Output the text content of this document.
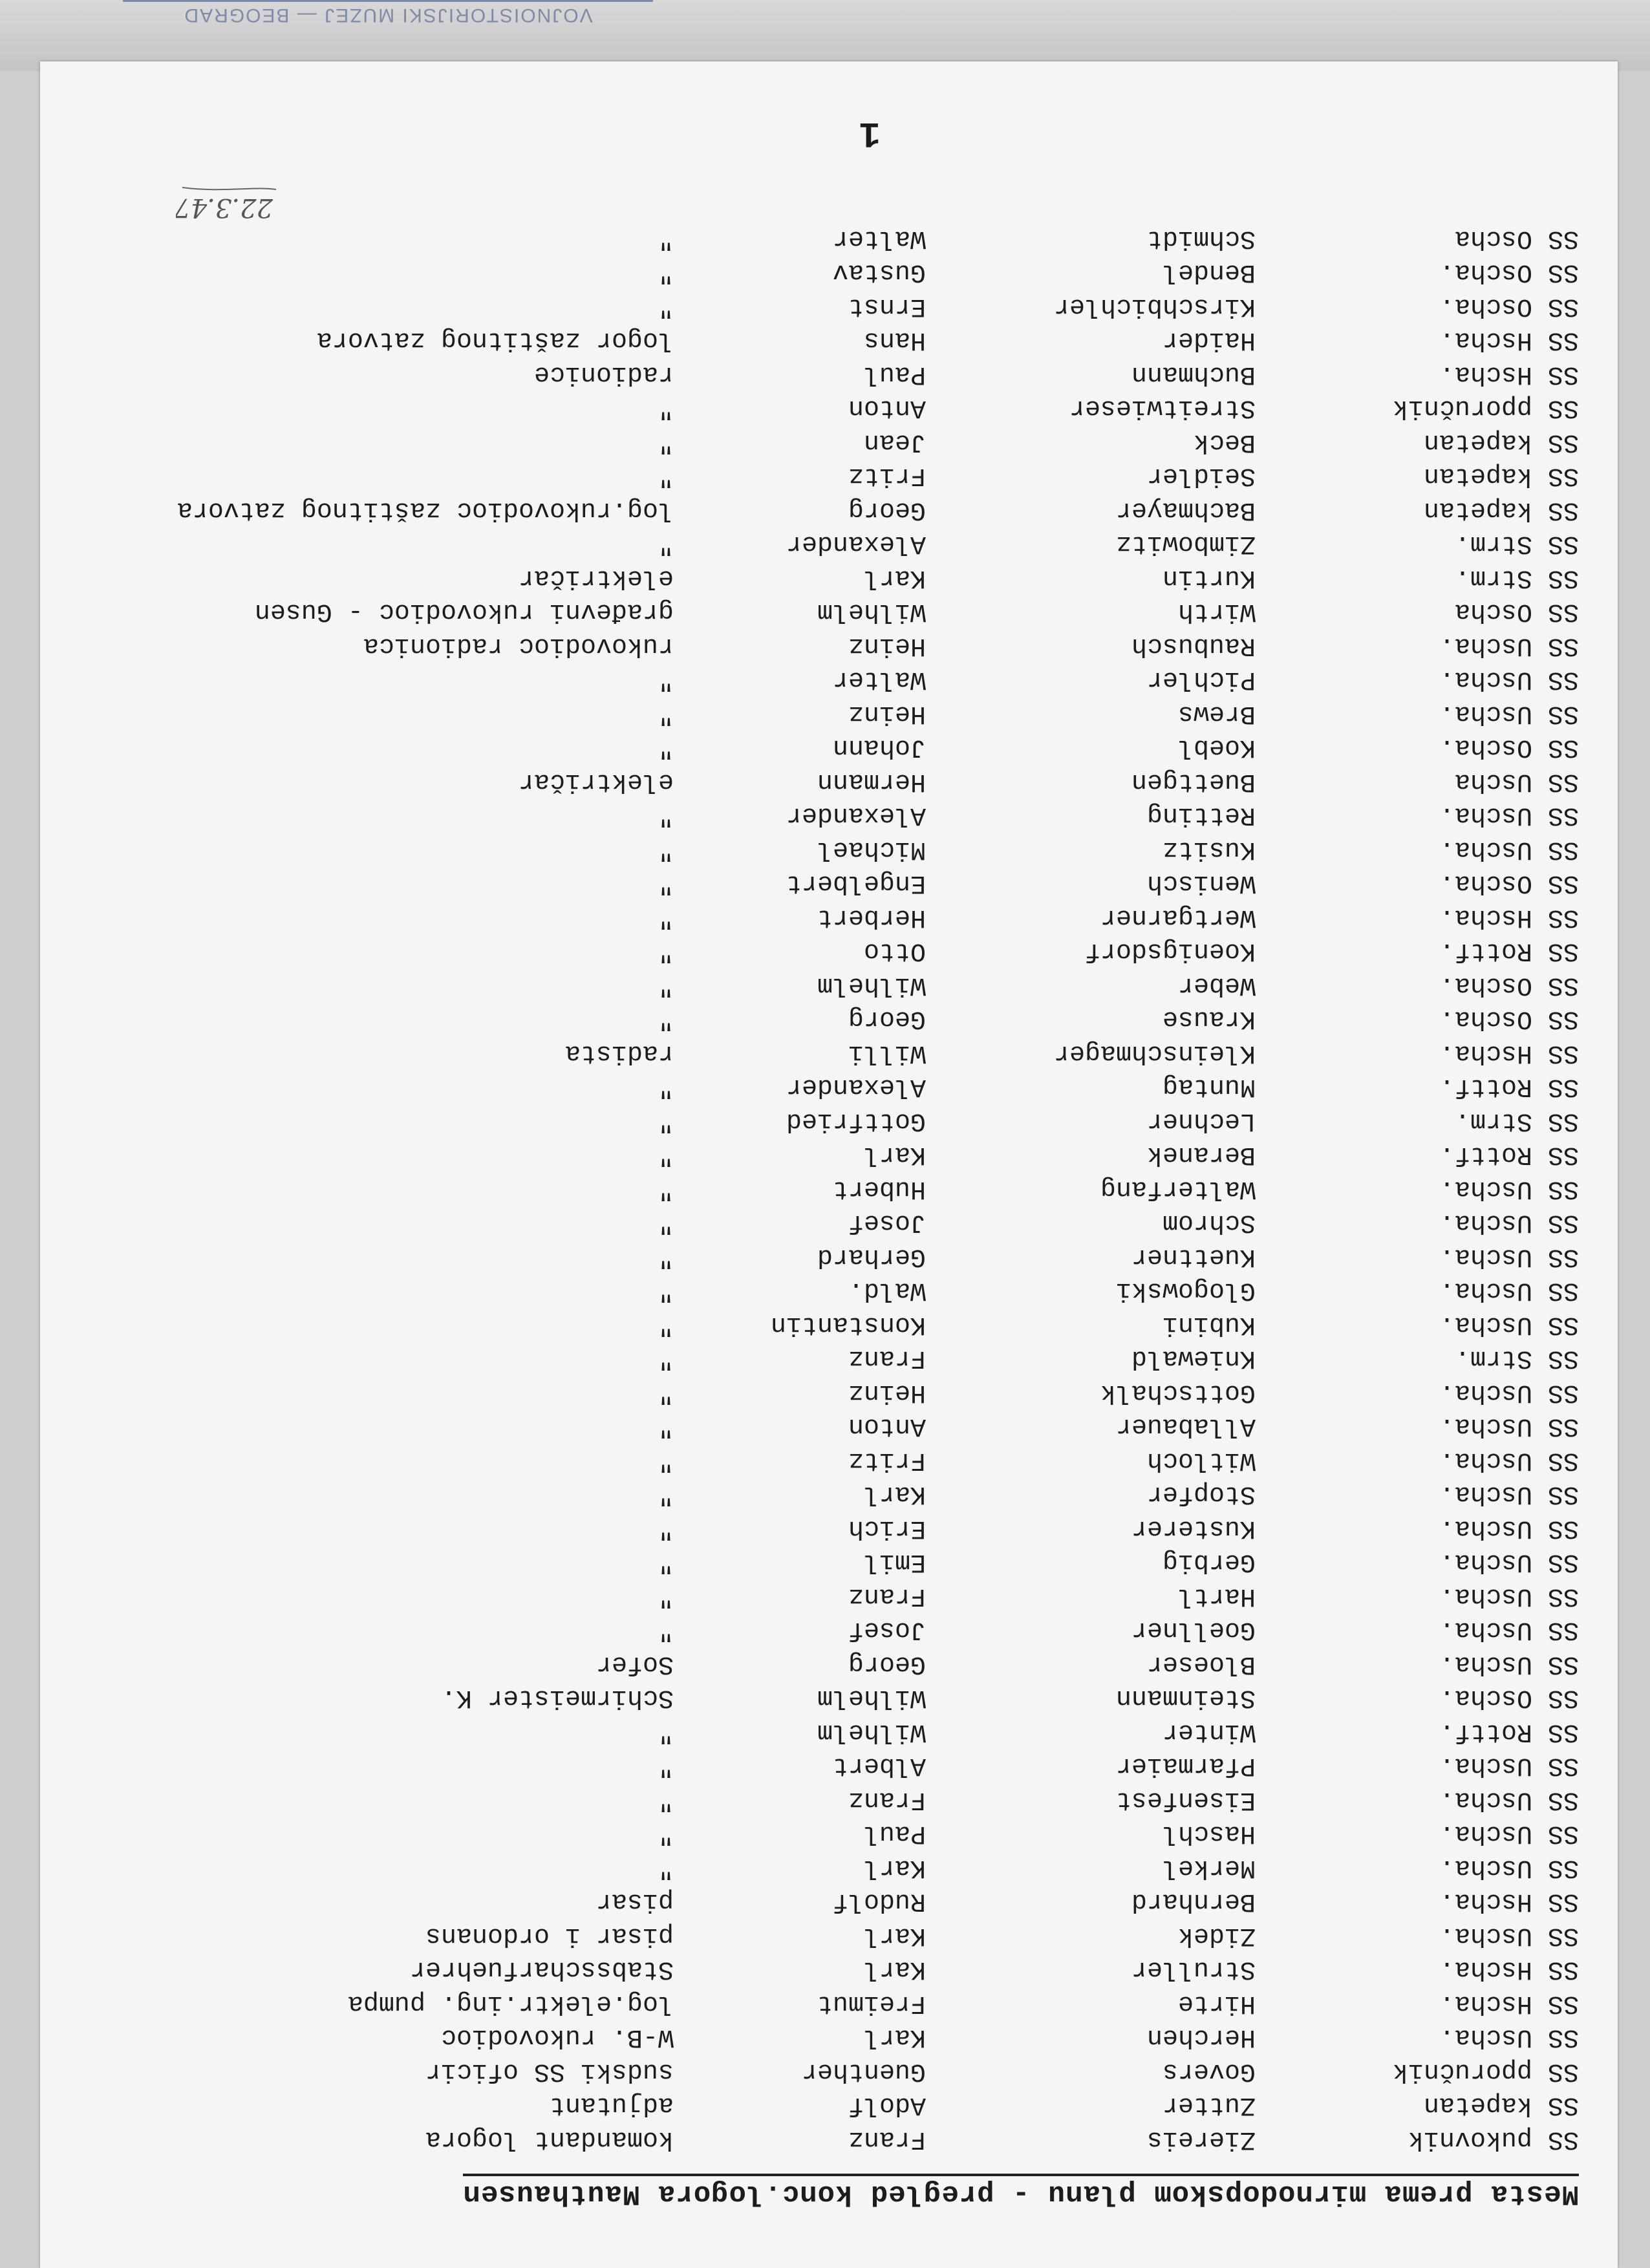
VOJNOISTORIJSKI MUZEJ — BEOGRAD
Mesta prema mirnodopskom planu - pregled konc.logora Mauthausen
SS pukovnik
Ziereis
Franz
komandant logora
SS kapetan
Zutter
Adolf
adjutant
SS pporučnik
Govers
Guenther
sudski SS oficir
SS Uscha.
Herchen
Karl
W-B. rukovodioc
SS Hscha.
Hirte
Freimut
log.elektr.ing. pumpa
SS Hscha.
Struller
Karl
Stabsscharfuehrer
SS Uscha.
Zidek
Karl
pisar i ordonans
SS Hscha.
Bernhard
Rudolf
pisar
SS Uscha.
Merkel
Karl
"
SS Uscha.
Haschl
Paul
"
SS Uscha.
Eisenfest
Franz
"
SS Uscha.
Pfarmaier
Albert
"
SS Rottf.
Winter
Wilhelm
"
SS Oscha.
Steinmann
Wilhelm
Schirmeister K.
SS Uscha.
Bloeser
Georg
Sofer
SS Uscha.
Goellner
Josef
"
SS Uscha.
Hartl
Franz
"
SS Uscha.
Gerbig
Emil
"
SS Uscha.
Kusterer
Erich
"
SS Uscha.
Stopfer
Karl
"
SS Uscha.
Witloch
Fritz
"
SS Uscha.
Allabauer
Anton
"
SS Uscha.
Gottschalk
Heinz
"
SS Strm.
Kniewald
Franz
"
SS Uscha.
Kubini
Konstantin
"
SS Uscha.
Glogowski
Wald.
"
SS Uscha.
Kuettner
Gerhard
"
SS Uscha.
Schrom
Josef
"
SS Uscha.
Walterfang
Hubert
"
SS Rottf.
Beranek
Karl
"
SS Strm.
Lechner
Gottfried
"
SS Rottf.
Muntag
Alexander
"
SS Hscha.
Kleinschmager
Willi
radista
SS Oscha.
Krause
Georg
"
SS Oscha.
Weber
Wilhelm
"
SS Rottf.
Koenigsdorf
Otto
"
SS Hscha.
Wertgarner
Herbert
"
SS Oscha.
Wenisch
Engelbert
"
SS Uscha.
Kusitz
Michael
"
SS Uscha.
Retting
Alexander
"
SS Uscha
Buettgen
Hermann
električar
SS Oscha.
Koebl
Johann
"
SS Uscha.
Brews
Heinz
"
SS Uscha.
Pichler
Walter
"
SS Uscha.
Raubusch
Heinz
rukovodioc radionica
SS Oscha
Wirth
Wilhelm
građevni rukovodioc - Gusen
SS Strm.
Kurtin
Karl
električar
SS Strm.
Zimbowitz
Alexander
"
SS kapetan
Bachmayer
Georg
log.rukovodioc zaštitnog zatvora
SS kapetan
Seidler
Fritz
"
SS kapetan
Beck
Jean
"
SS pporučnik
Streitwieser
Anton
"
SS Hscha.
Buchmann
Paul
radionice
SS Hscha.
Haider
Hans
logor zaštitnog zatvora
SS Oscha.
Kirschbichler
Ernst
"
SS Oscha.
Bendel
Gustav
"
SS Oscha
Schmidt
Walter
"
1
22.3.47
